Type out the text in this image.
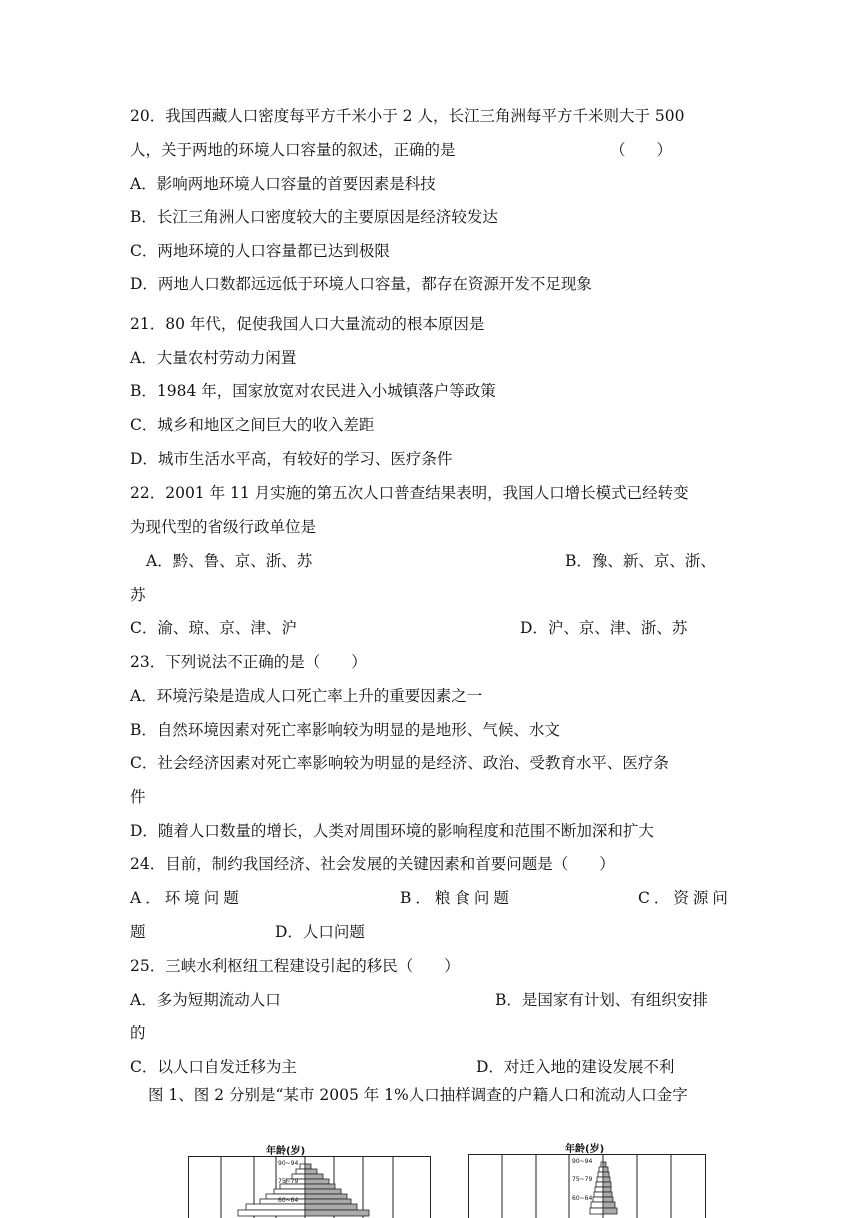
20．我国西藏人口密度每平方千米小于 2 人，长江三角洲每平方千米则大于 500
人，关于两地的环境人口容量的叙述，正确的是	（　　）
A．影响两地环境人口容量的首要因素是科技
B．长江三角洲人口密度较大的主要原因是经济较发达
C．两地环境的人口容量都已达到极限
D．两地人口数都远远低于环境人口容量，都存在资源开发不足现象
21．80 年代，促使我国人口大量流动的根本原因是
A．大量农村劳动力闲置
B．1984 年，国家放宽对农民进入小城镇落户等政策
C．城乡和地区之间巨大的收入差距
D．城市生活水平高，有较好的学习、医疗条件
22．2001 年 11 月实施的第五次人口普查结果表明，我国人口增长模式已经转变
为现代型的省级行政单位是
A．黔、鲁、京、浙、苏	B．豫、新、京、浙、
苏
C．渝、琼、京、津、沪	D．沪、京、津、浙、苏
23．下列说法不正确的是（　　）
A．环境污染是造成人口死亡率上升的重要因素之一
B．自然环境因素对死亡率影响较为明显的是地形、气候、水文
C．社会经济因素对死亡率影响较为明显的是经济、政治、受教育水平、医疗条
件
D．随着人口数量的增长，人类对周围环境的影响程度和范围不断加深和扩大
24．目前，制约我国经济、社会发展的关键因素和首要问题是（　　）
A．环境问题	B．粮食问题	C．资源问
题	D．人口问题
25．三峡水利枢纽工程建设引起的移民（　　）
A．多为短期流动人口	B．是国家有计划、有组织安排
的
C．以人口自发迁移为主	D．对迁入地的建设发展不利
图 1、图 2 分别是“某市 2005 年 1%人口抽样调查的户籍人口和流动人口金字
年龄(岁)
90~94
75~79
60~64
年龄(岁)
90~94
75~79
60~64
